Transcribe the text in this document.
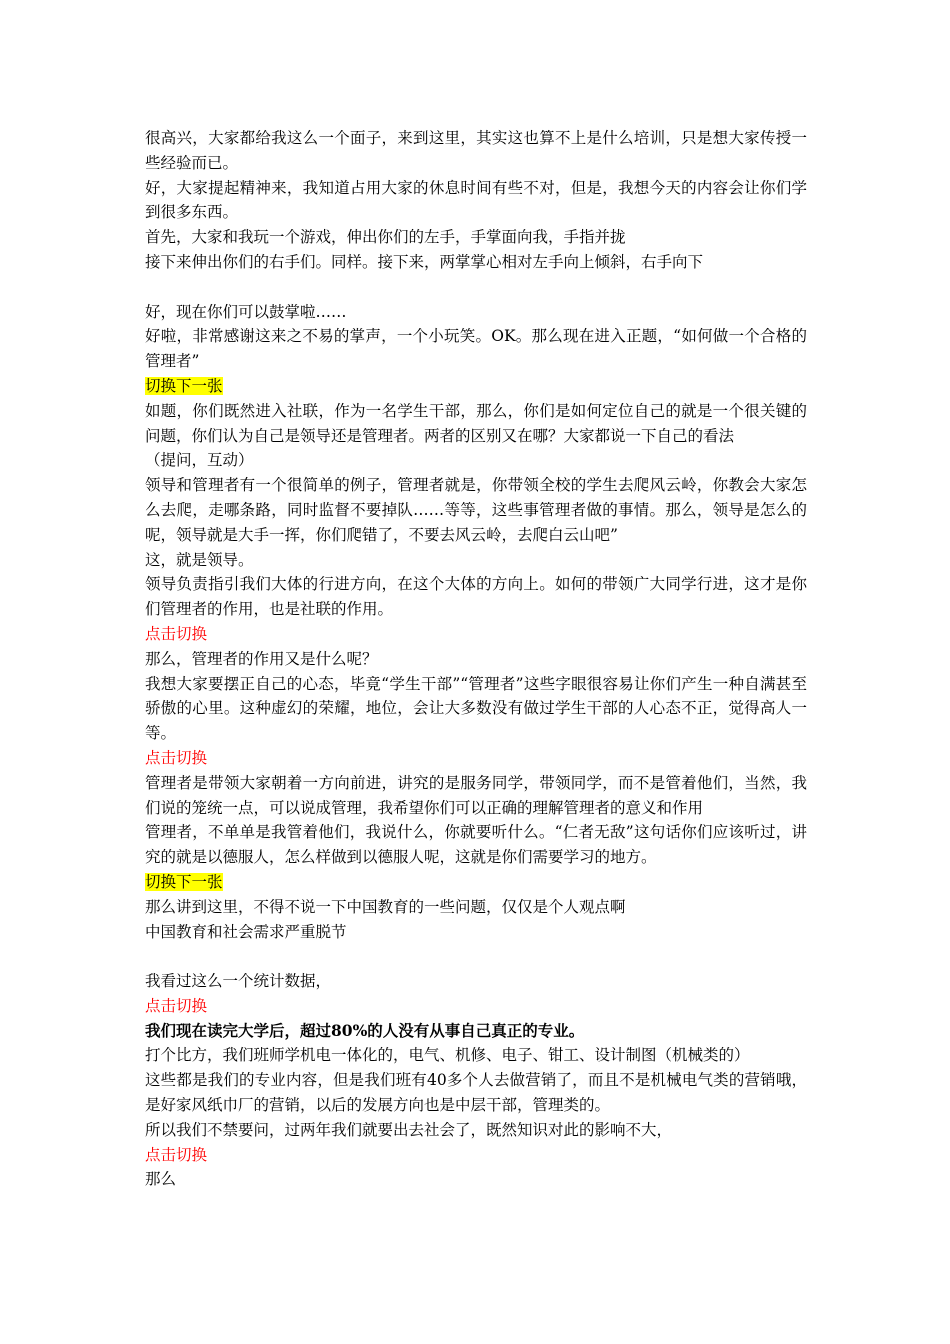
很高兴，大家都给我这么一个面子，来到这里，其实这也算不上是什么培训，只是想大家传授一些经验而已。

好，大家提起精神来，我知道占用大家的休息时间有些不对，但是，我想今天的内容会让你们学到很多东西。

首先，大家和我玩一个游戏，伸出你们的左手，手掌面向我，手指并拢

接下来伸出你们的右手们。同样。接下来，两掌掌心相对左手向上倾斜，右手向下

好，现在你们可以鼓掌啦……

好啦，非常感谢这来之不易的掌声，一个小玩笑。OK。那么现在进入正题，“如何做一个合格的管理者”

切换下一张

如题，你们既然进入社联，作为一名学生干部，那么，你们是如何定位自己的就是一个很关键的问题，你们认为自己是领导还是管理者。两者的区别又在哪？大家都说一下自己的看法

（提问，互动）

领导和管理者有一个很简单的例子，管理者就是，你带领全校的学生去爬风云岭，你教会大家怎么去爬，走哪条路，同时监督不要掉队……等等，这些事管理者做的事情。那么，领导是怎么的呢，领导就是大手一挥，你们爬错了，不要去风云岭，去爬白云山吧”

这，就是领导。

领导负责指引我们大体的行进方向，在这个大体的方向上。如何的带领广大同学行进，这才是你们管理者的作用，也是社联的作用。

点击切换

那么，管理者的作用又是什么呢？

我想大家要摆正自己的心态，毕竟“学生干部”“管理者”这些字眼很容易让你们产生一种自满甚至骄傲的心里。这种虚幻的荣耀，地位，会让大多数没有做过学生干部的人心态不正，觉得高人一等。

点击切换

管理者是带领大家朝着一方向前进，讲究的是服务同学，带领同学，而不是管着他们，当然，我们说的笼统一点，可以说成管理，我希望你们可以正确的理解管理者的意义和作用

管理者，不单单是我管着他们，我说什么，你就要听什么。“仁者无敌”这句话你们应该听过，讲究的就是以德服人，怎么样做到以德服人呢，这就是你们需要学习的地方。

切换下一张

那么讲到这里，不得不说一下中国教育的一些问题，仅仅是个人观点啊

中国教育和社会需求严重脱节

我看过这么一个统计数据，

点击切换

我们现在读完大学后，超过80%的人没有从事自己真正的专业。

打个比方，我们班师学机电一体化的，电气、机修、电子、钳工、设计制图（机械类的）

这些都是我们的专业内容，但是我们班有40多个人去做营销了，而且不是机械电气类的营销哦，是好家风纸巾厂的营销，以后的发展方向也是中层干部，管理类的。

所以我们不禁要问，过两年我们就要出去社会了，既然知识对此的影响不大，

点击切换

那么
